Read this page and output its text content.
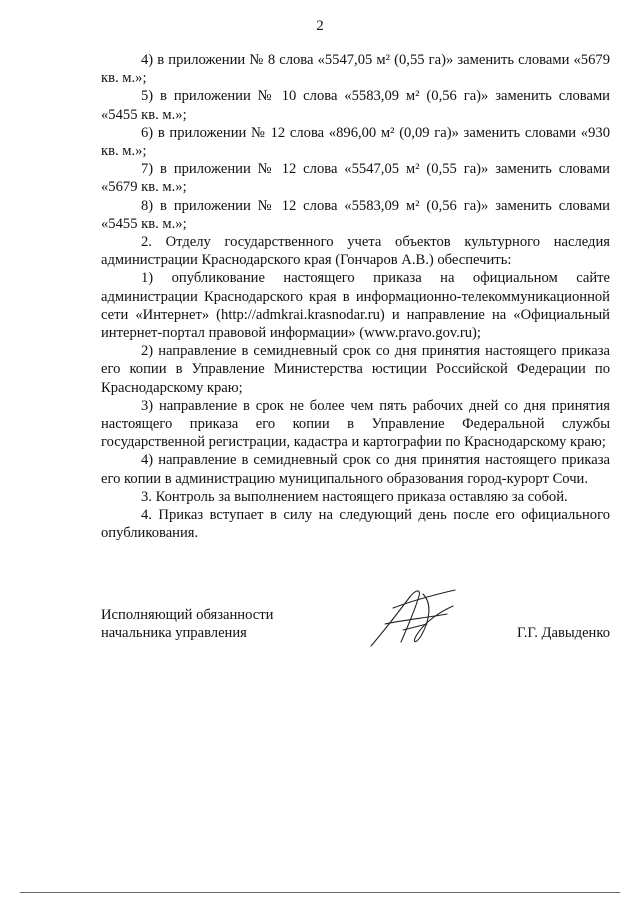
2

4) в приложении № 8 слова «5547,05 м² (0,55 га)» заменить словами «5679 кв. м.»;

5) в приложении № 10 слова «5583,09 м² (0,56 га)» заменить словами «5455 кв. м.»;

6) в приложении № 12 слова «896,00 м² (0,09 га)» заменить словами «930 кв. м.»;

7) в приложении № 12 слова «5547,05 м² (0,55 га)» заменить словами «5679 кв. м.»;

8) в приложении № 12 слова «5583,09 м² (0,56 га)» заменить словами «5455 кв. м.»;

2. Отделу государственного учета объектов культурного наследия администрации Краснодарского края (Гончаров А.В.) обеспечить:

1) опубликование настоящего приказа на официальном сайте администрации Краснодарского края в информационно-телекоммуникационной сети «Интернет» (http://admkrai.krasnodar.ru) и направление на «Официальный интернет-портал правовой информации» (www.pravo.gov.ru);

2) направление в семидневный срок со дня принятия настоящего приказа его копии в Управление Министерства юстиции Российской Федерации по Краснодарскому краю;

3) направление в срок не более чем пять рабочих дней со дня принятия настоящего приказа его копии в Управление Федеральной службы государственной регистрации, кадастра и картографии по Краснодарскому краю;

4) направление в семидневный срок со дня принятия настоящего приказа его копии в администрацию муниципального образования город-курорт Сочи.

3. Контроль за выполнением настоящего приказа оставляю за собой.

4. Приказ вступает в силу на следующий день после его официального опубликования.

Исполняющий обязанности
начальника управления	Г.Г. Давыденко
